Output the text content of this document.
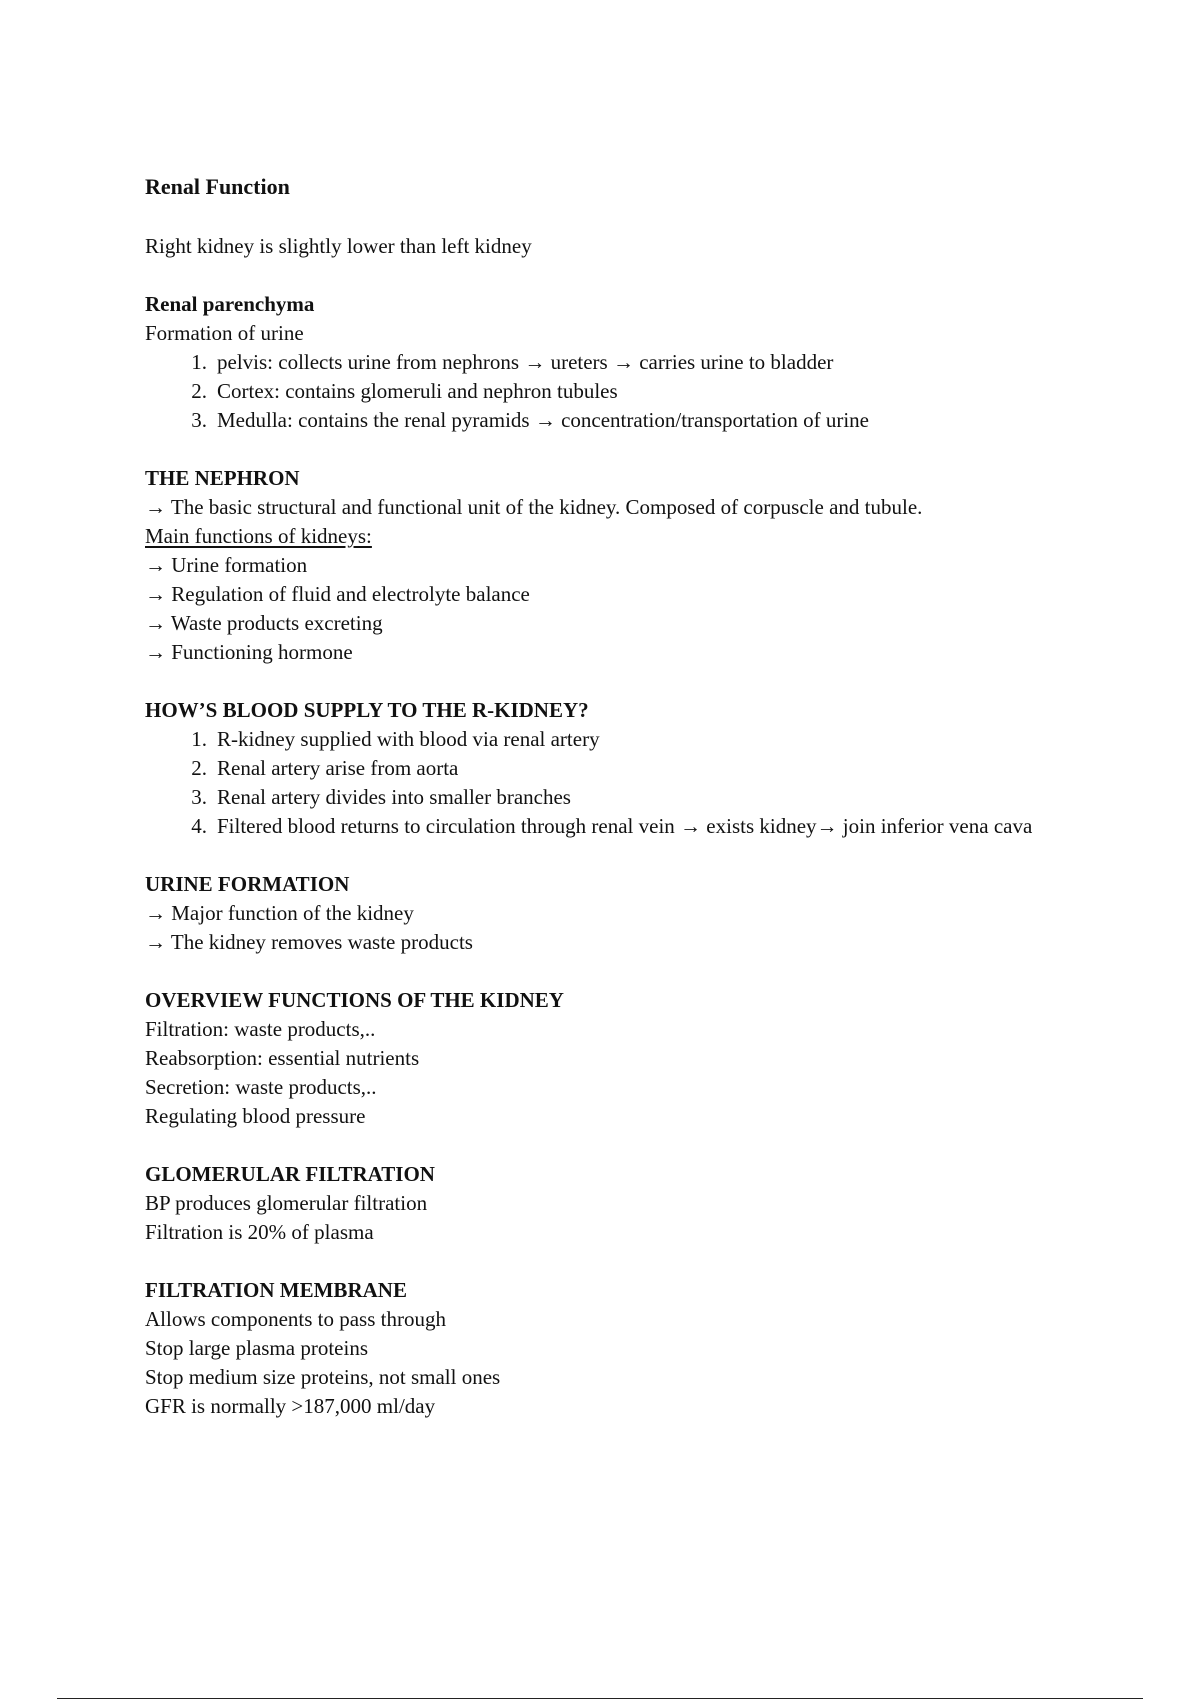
Renal Function

Right kidney is slightly lower than left kidney

Renal parenchyma

Formation of urine

1. pelvis: collects urine from nephrons → ureters → carries urine to bladder
2. Cortex: contains glomeruli and nephron tubules
3. Medulla: contains the renal pyramids → concentration/transportation of urine

THE NEPHRON

→ The basic structural and functional unit of the kidney. Composed of corpuscle and tubule.

Main functions of kidneys:

→ Urine formation

→ Regulation of fluid and electrolyte balance

→ Waste products excreting

→ Functioning hormone

HOW’S BLOOD SUPPLY TO THE R-KIDNEY?

1. R-kidney supplied with blood via renal artery
2. Renal artery arise from aorta
3. Renal artery divides into smaller branches
4. Filtered blood returns to circulation through renal vein → exists kidney→ join inferior vena cava

URINE FORMATION

→ Major function of the kidney

→ The kidney removes waste products

OVERVIEW FUNCTIONS OF THE KIDNEY

Filtration: waste products,..

Reabsorption: essential nutrients

Secretion: waste products,..

Regulating blood pressure

GLOMERULAR FILTRATION

BP produces glomerular filtration

Filtration is 20% of plasma

FILTRATION MEMBRANE

Allows components to pass through

Stop large plasma proteins

Stop medium size proteins, not small ones

GFR is normally >187,000 ml/day
